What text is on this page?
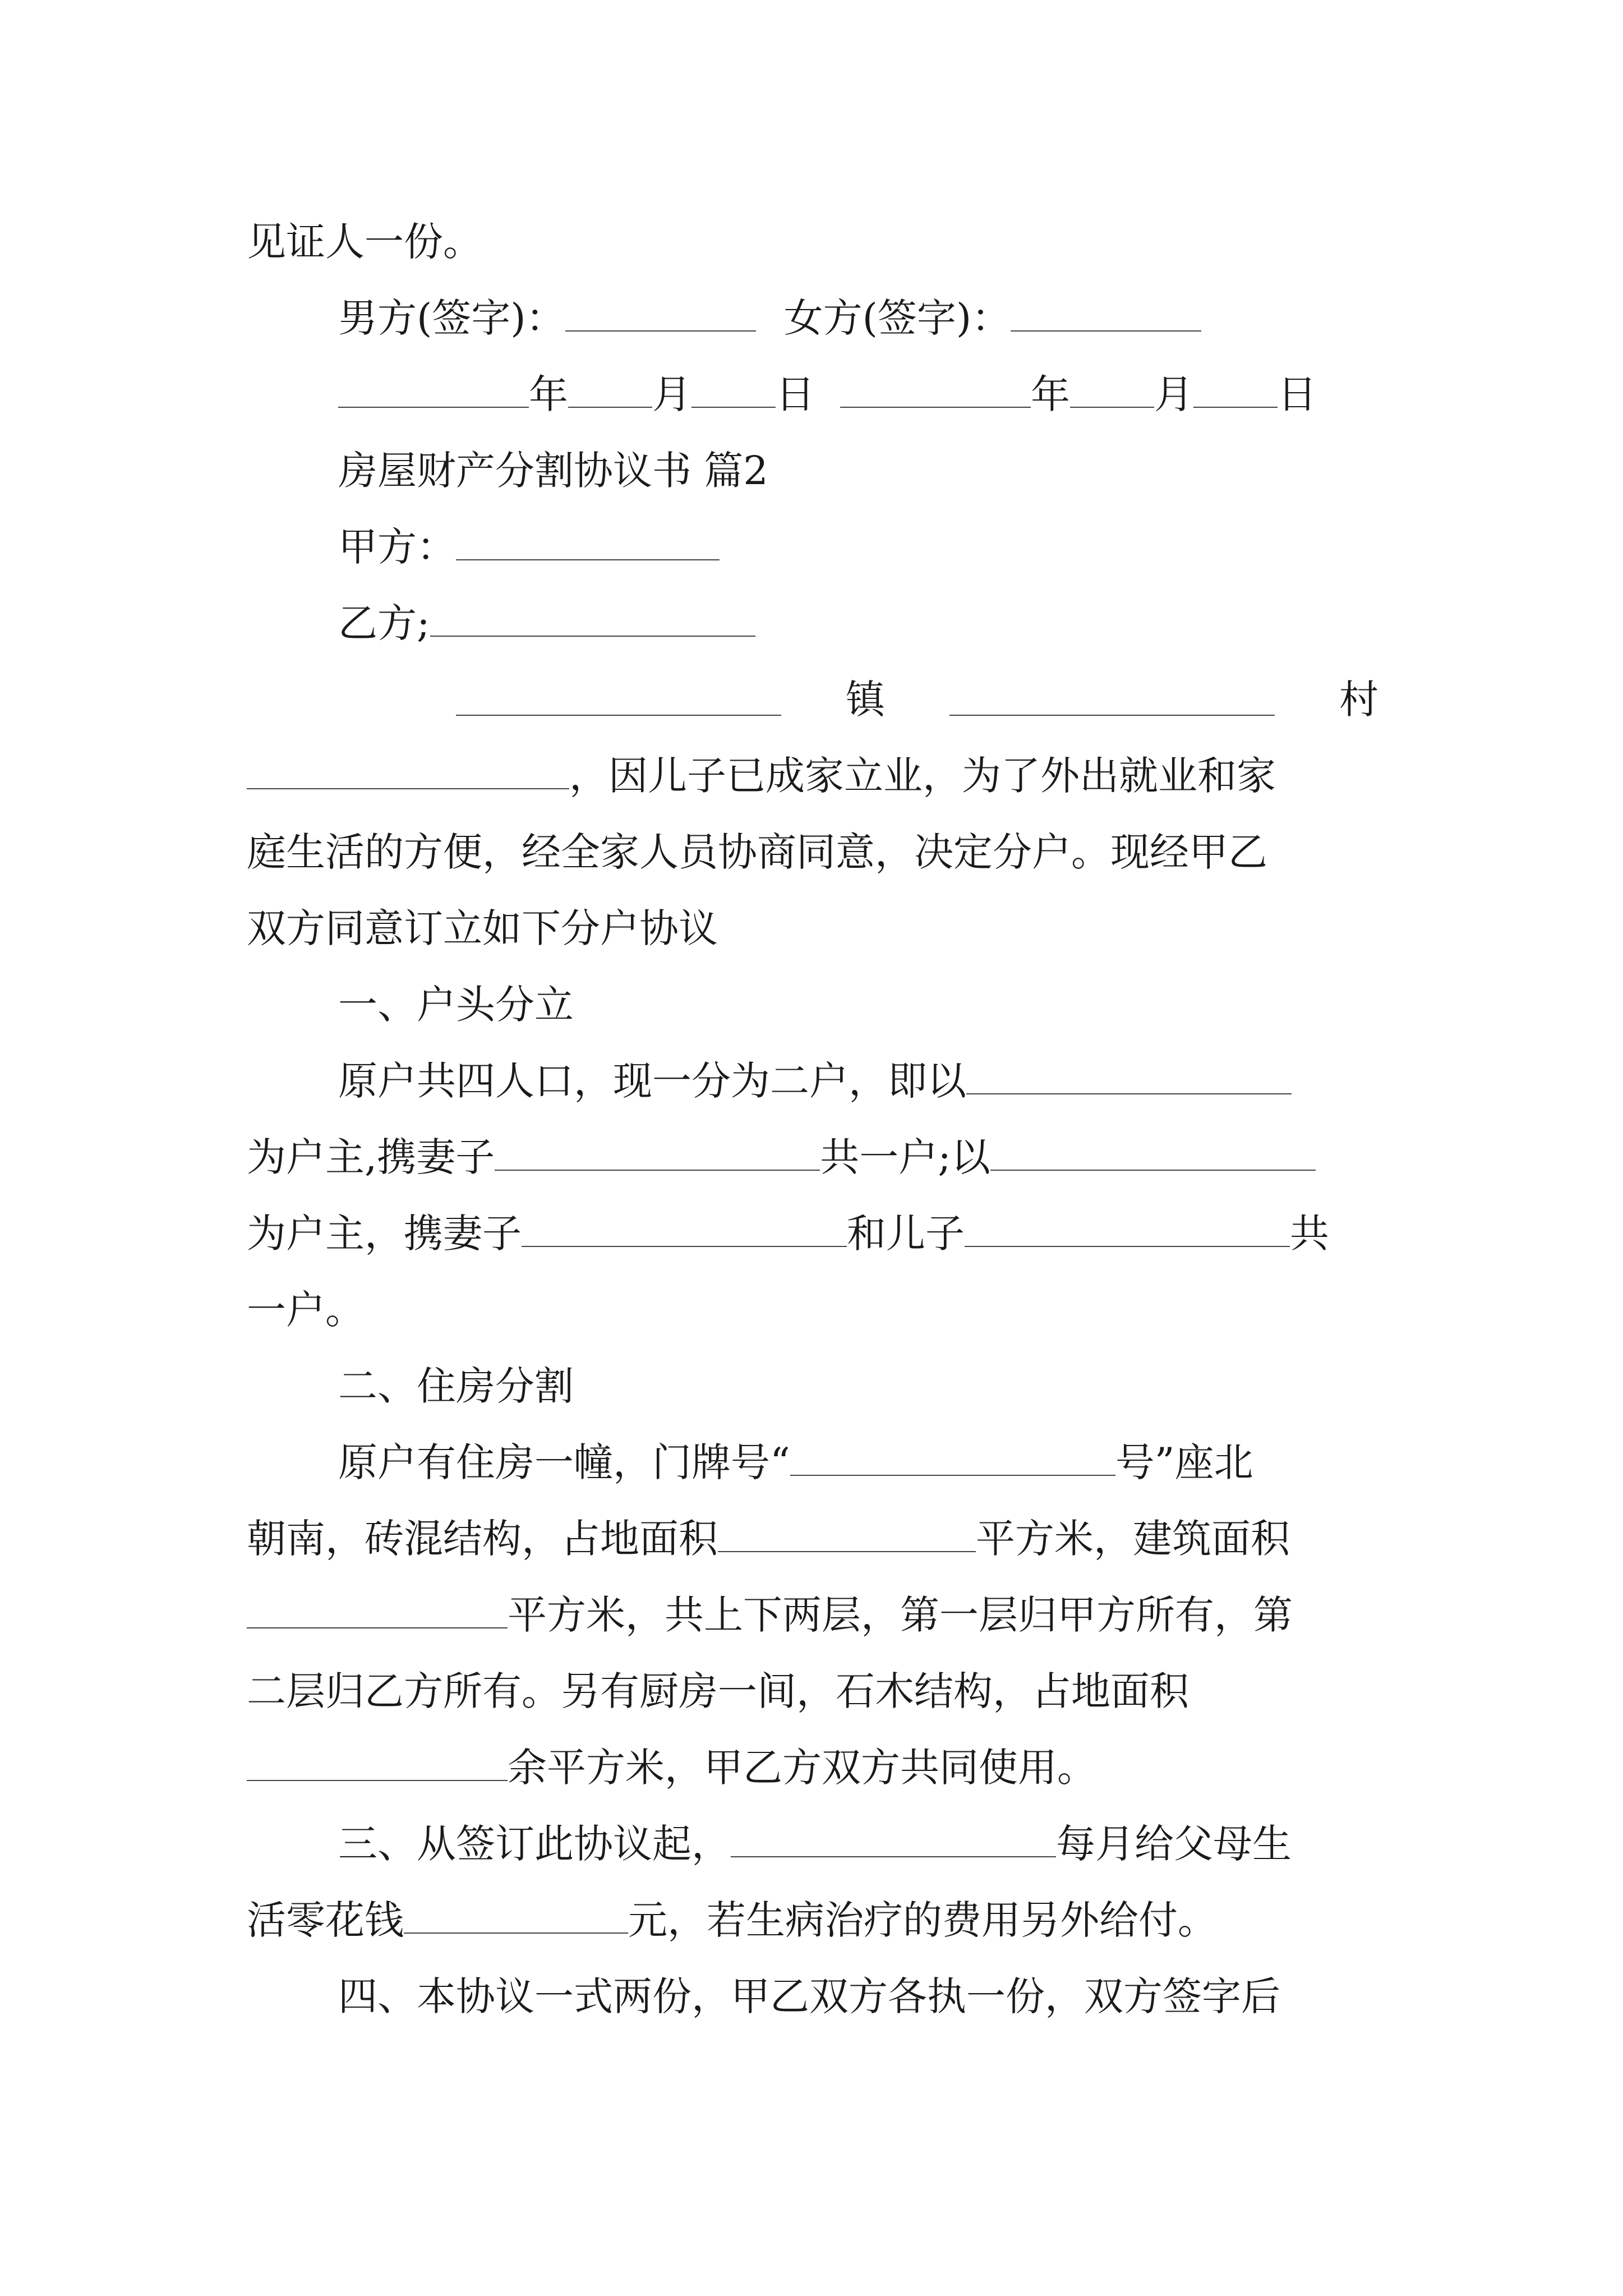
见证人一份。
男方(签字)：	女方(签字)：
年 月 日	年 月 日
房屋财产分割协议书 篇2
甲方：
乙方;
镇	村
，因儿子已成家立业，为了外出就业和家
庭生活的方便，经全家人员协商同意，决定分户。现经甲乙
双方同意订立如下分户协议
一、户头分立
原户共四人口，现一分为二户，即以
为户主,携妻子	共一户;以
为户主，携妻子	和儿子	共
一户。
二、住房分割
原户有住房一幢，门牌号“	号”座北
朝南，砖混结构，占地面积	平方米，建筑面积
平方米，共上下两层，第一层归甲方所有，第
二层归乙方所有。另有厨房一间，石木结构，占地面积
余平方米，甲乙方双方共同使用。
三、从签订此协议起，	每月给父母生
活零花钱	元，若生病治疗的费用另外给付。
四、本协议一式两份，甲乙双方各执一份，双方签字后
